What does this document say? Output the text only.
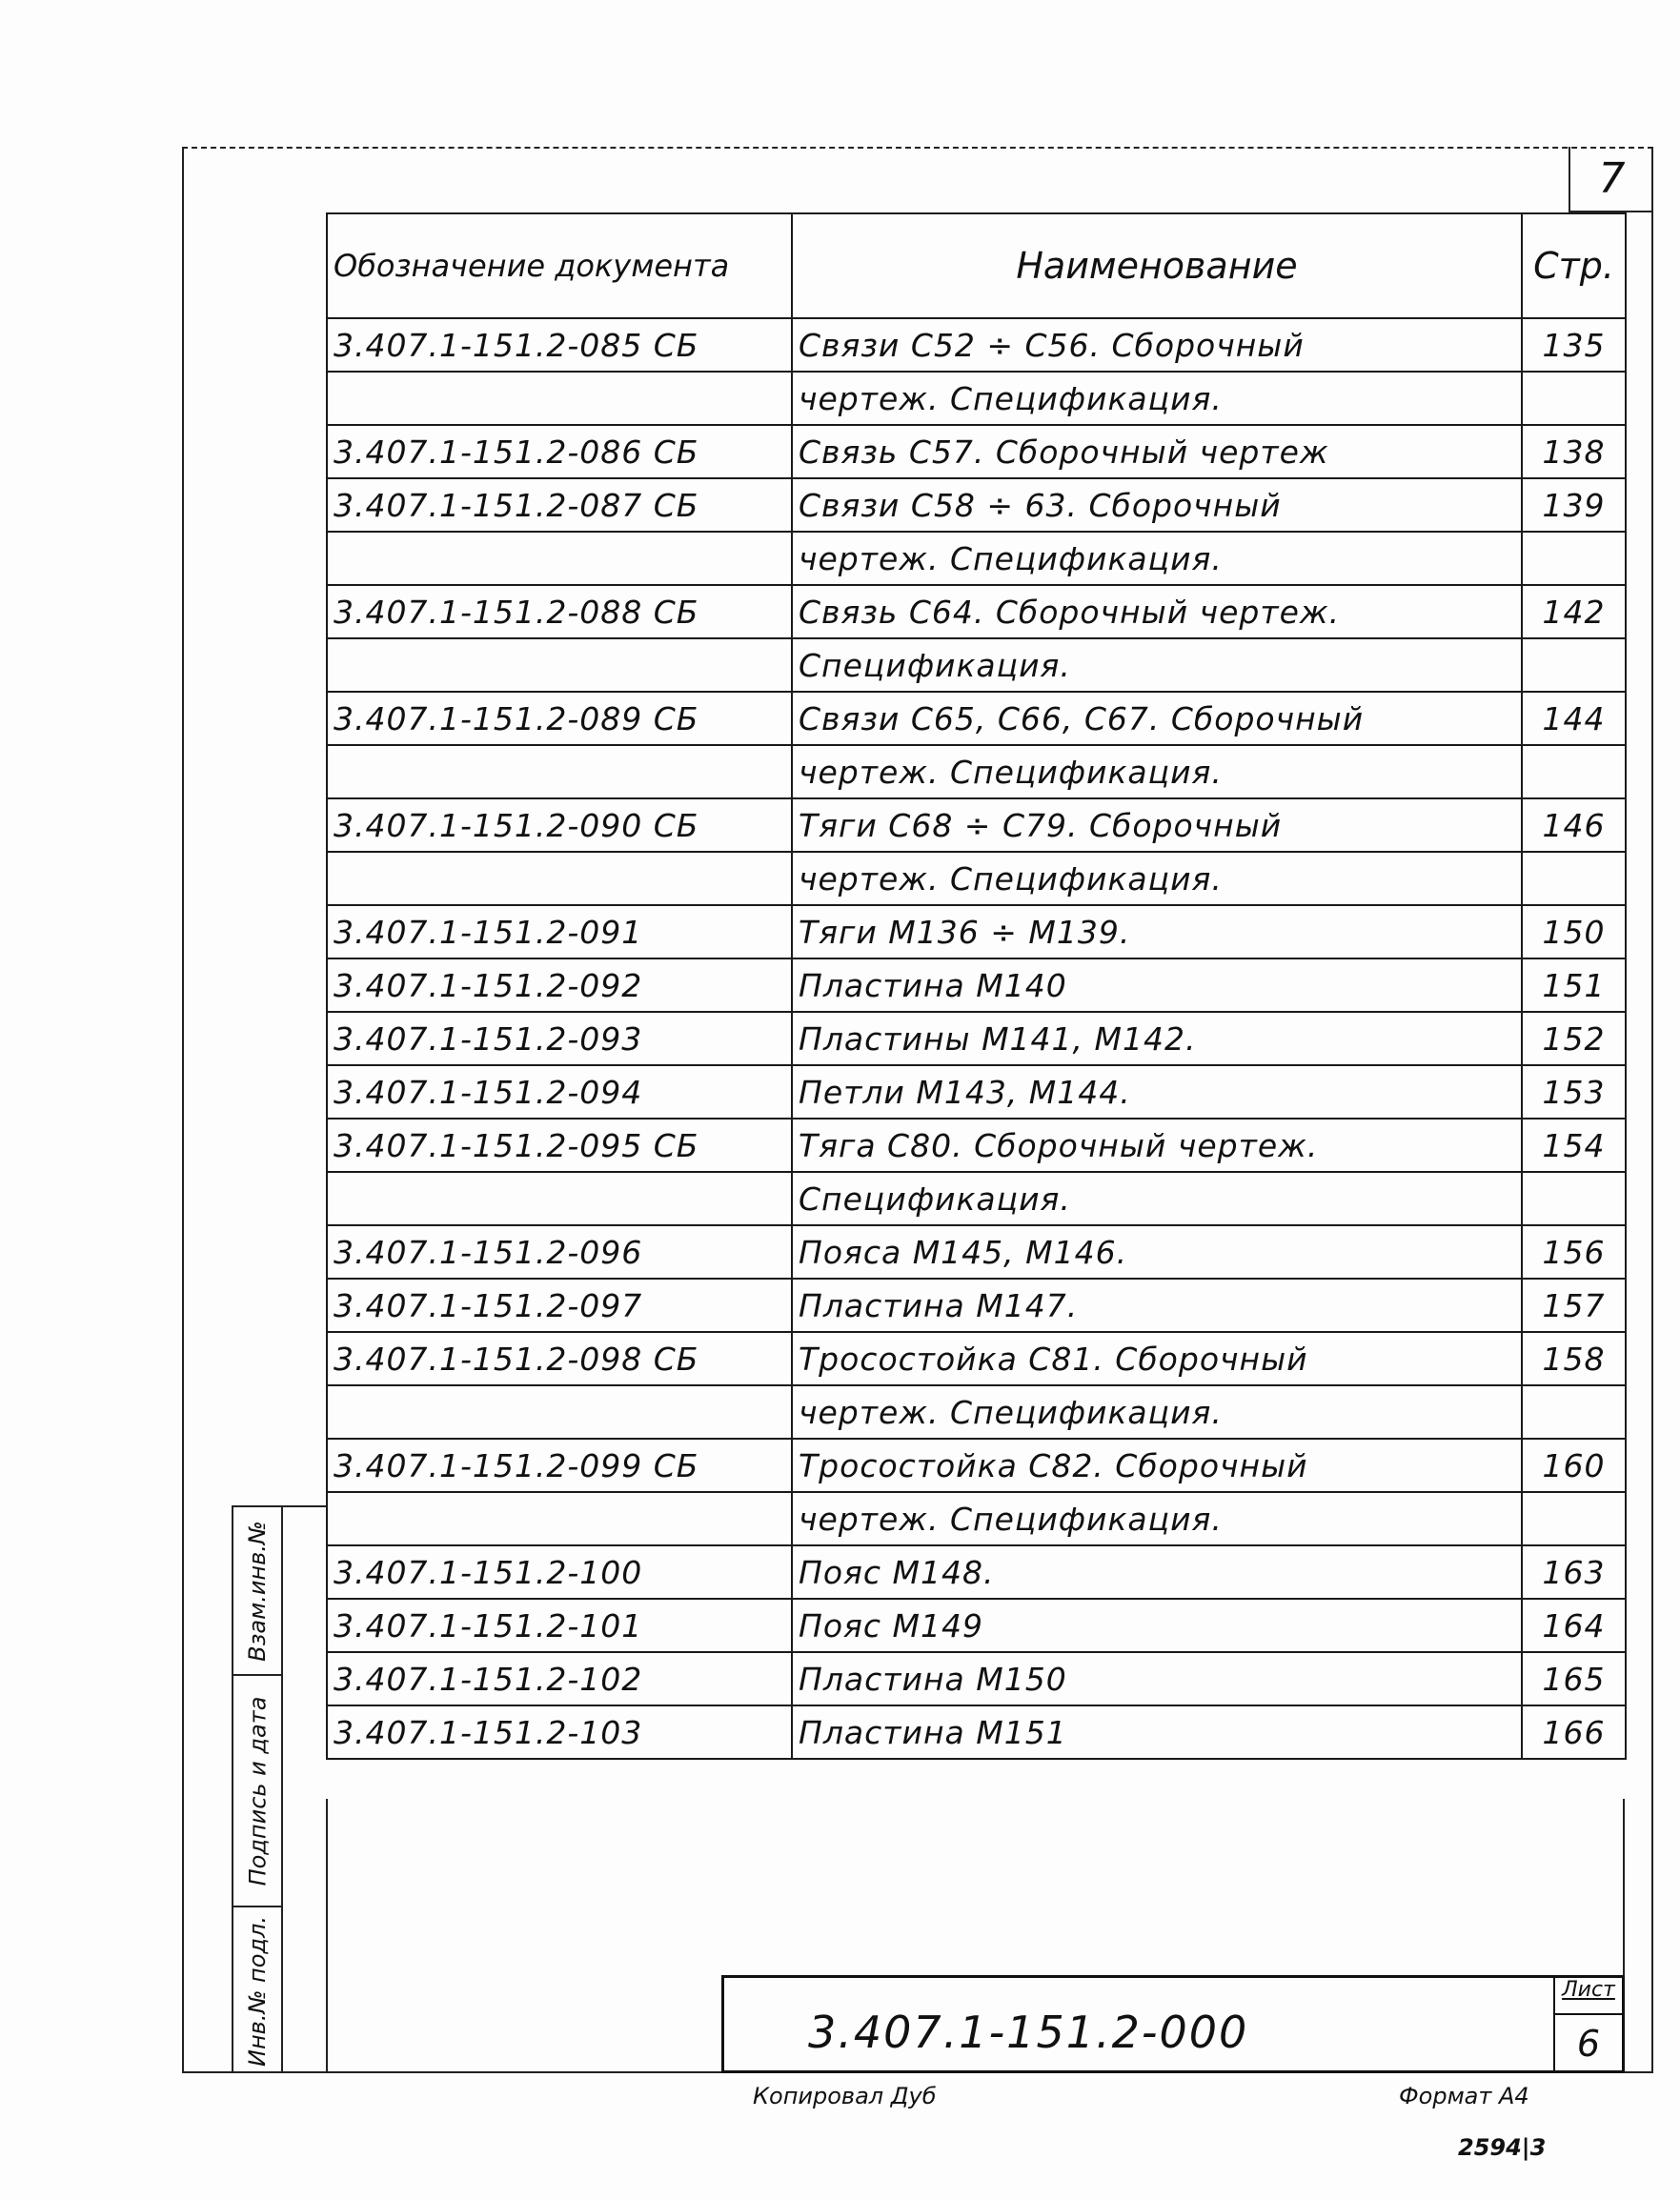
7
Обозначение документа	Наименование	Стр.
3.407.1-151.2-085 СБ	Связи С52 ÷ С56. Сборочный	135
	чертеж. Спецификация.	
3.407.1-151.2-086 СБ	Связь С57. Сборочный чертеж	138
3.407.1-151.2-087 СБ	Связи С58 ÷ 63. Сборочный	139
	чертеж. Спецификация.	
3.407.1-151.2-088 СБ	Связь С64. Сборочный чертеж.	142
	Спецификация.	
3.407.1-151.2-089 СБ	Связи С65, С66, С67. Сборочный	144
	чертеж. Спецификация.	
3.407.1-151.2-090 СБ	Тяги С68 ÷ С79. Сборочный	146
	чертеж. Спецификация.	
3.407.1-151.2-091	Тяги М136 ÷ М139.	150
3.407.1-151.2-092	Пластина М140	151
3.407.1-151.2-093	Пластины М141, М142.	152
3.407.1-151.2-094	Петли М143, М144.	153
3.407.1-151.2-095 СБ	Тяга С80. Сборочный чертеж.	154
	Спецификация.	
3.407.1-151.2-096	Пояса М145, М146.	156
3.407.1-151.2-097	Пластина М147.	157
3.407.1-151.2-098 СБ	Тросостойка С81. Сборочный	158
	чертеж. Спецификация.	
3.407.1-151.2-099 СБ	Тросостойка С82. Сборочный	160
	чертеж. Спецификация.	
3.407.1-151.2-100	Пояс М148.	163
3.407.1-151.2-101	Пояс М149	164
3.407.1-151.2-102	Пластина М150	165
3.407.1-151.2-103	Пластина М151	166
Взам.инв.№
Подпись и дата
Инв.№ подл.	3.407.1-151.2-000
Лист
6
Копировал Дуб	Формат А4
2594|3
